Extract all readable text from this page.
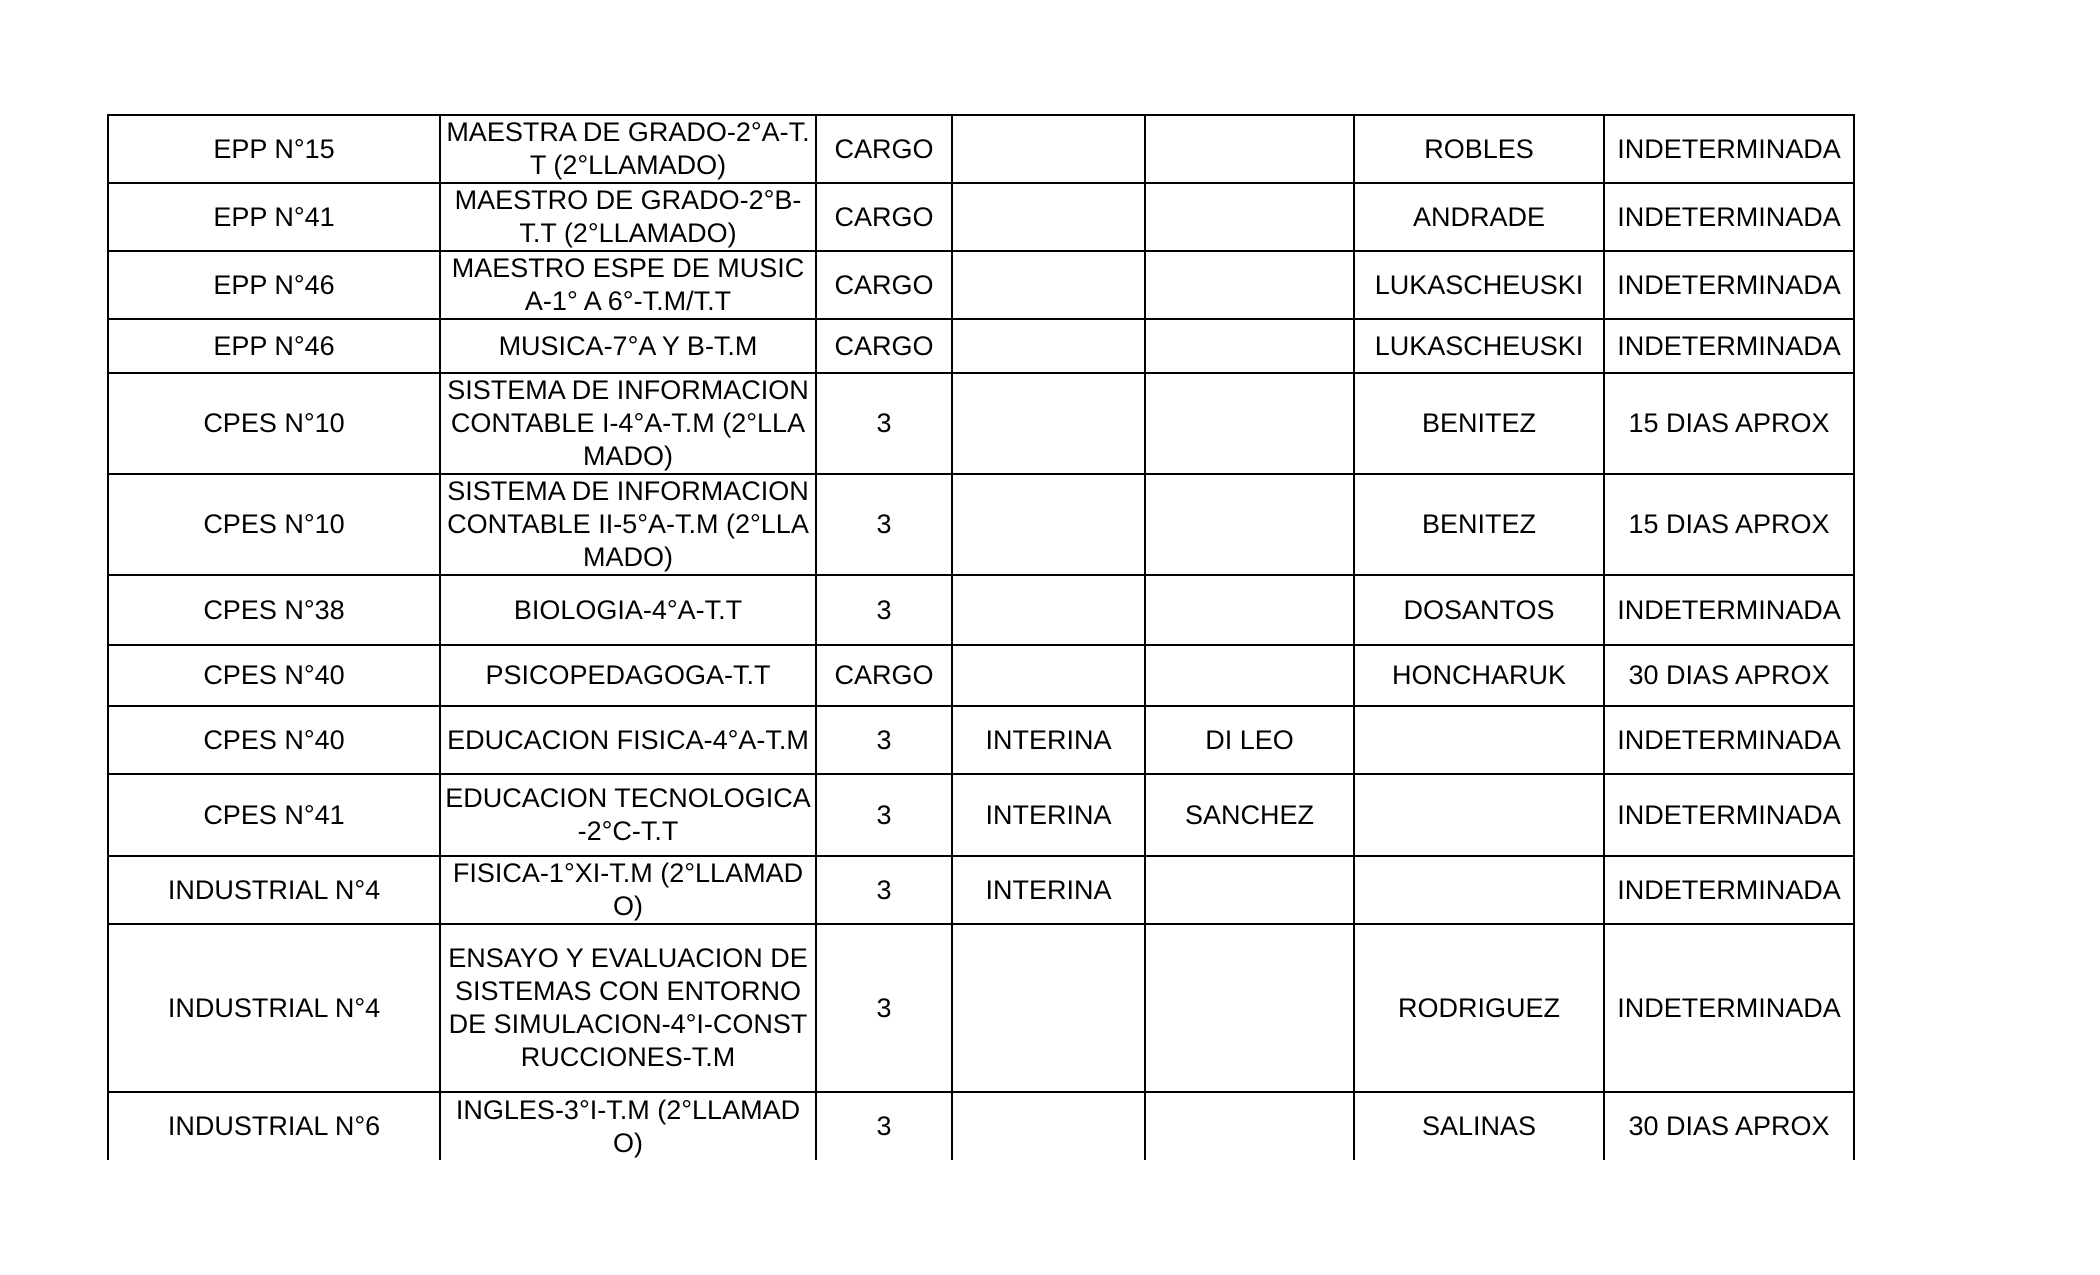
EPP N°15	MAESTRA DE GRADO-2°A-T.T (2°LLAMADO)	CARGO			ROBLES	INDETERMINADA
EPP N°41	MAESTRO DE GRADO-2°B-T.T (2°LLAMADO)	CARGO			ANDRADE	INDETERMINADA
EPP N°46	MAESTRO ESPE DE MUSICA-1° A 6°-T.M/T.T	CARGO			LUKASCHEUSKI	INDETERMINADA
EPP N°46	MUSICA-7°A Y B-T.M	CARGO			LUKASCHEUSKI	INDETERMINADA
CPES N°10	SISTEMA DE INFORMACION CONTABLE I-4°A-T.M (2°LLAMADO)	3			BENITEZ	15 DIAS APROX
CPES N°10	SISTEMA DE INFORMACION CONTABLE II-5°A-T.M (2°LLAMADO)	3			BENITEZ	15 DIAS APROX
CPES N°38	BIOLOGIA-4°A-T.T	3			DOSANTOS	INDETERMINADA
CPES N°40	PSICOPEDAGOGA-T.T	CARGO			HONCHARUK	30 DIAS APROX
CPES N°40	EDUCACION FISICA-4°A-T.M	3	INTERINA	DI LEO		INDETERMINADA
CPES N°41	EDUCACION TECNOLOGICA-2°C-T.T	3	INTERINA	SANCHEZ		INDETERMINADA
INDUSTRIAL N°4	FISICA-1°XI-T.M (2°LLAMADO)	3	INTERINA			INDETERMINADA
INDUSTRIAL N°4	ENSAYO Y EVALUACION DE SISTEMAS CON ENTORNO DE SIMULACION-4°I-CONSTRUCCIONES-T.M	3			RODRIGUEZ	INDETERMINADA
INDUSTRIAL N°6	INGLES-3°I-T.M (2°LLAMADO)	3			SALINAS	30 DIAS APROX
